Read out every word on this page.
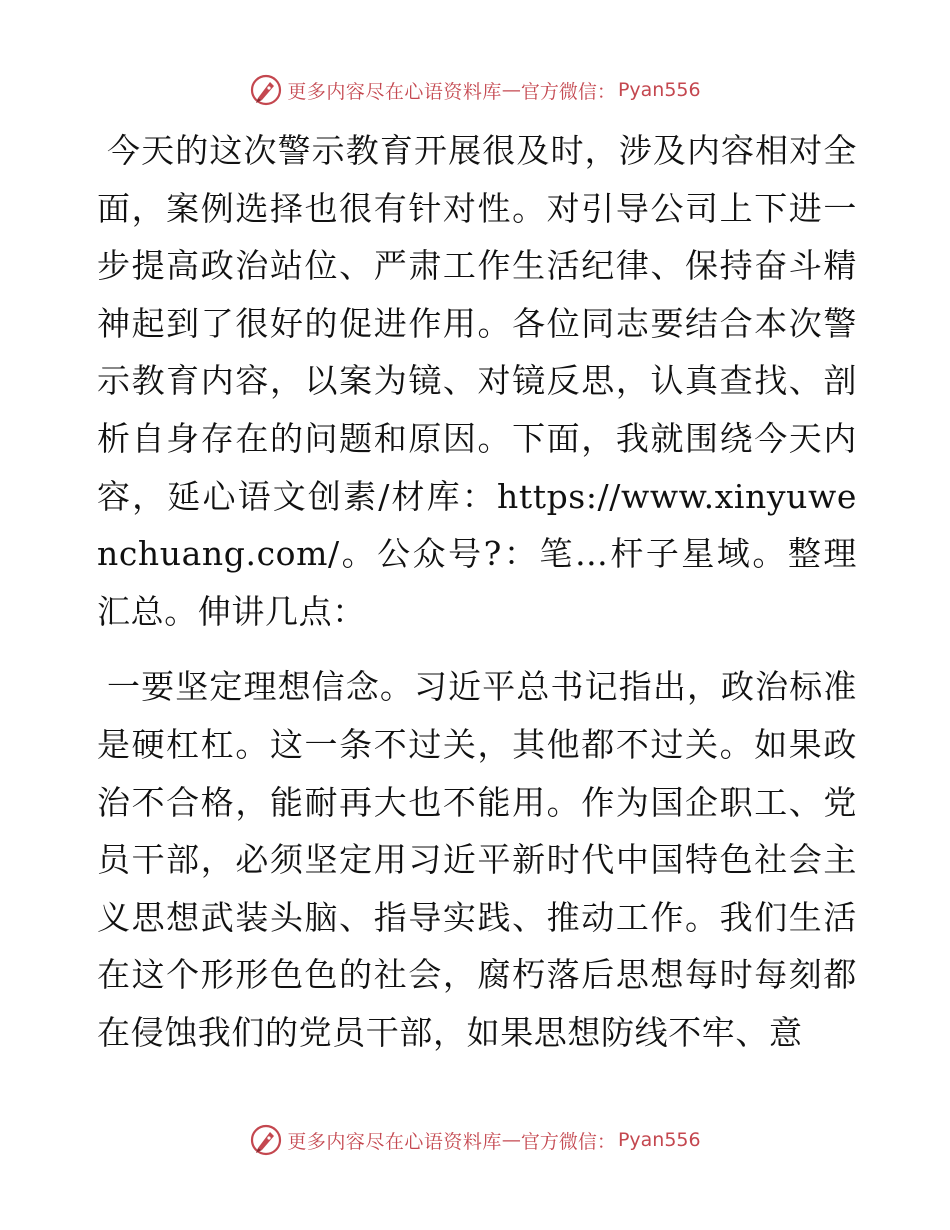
更多内容尽在心语资料库 — 官方微信： Pyan556

今天的这次警示教育开展很及时，涉及内容相对全面，案例选择也很有针对性。对引导公司上下进一步提高政治站位、严肃工作生活纪律、保持奋斗精神起到了很好的促进作用。各位同志要结合本次警示教育内容，以案为镜、对镜反思，认真查找、剖析自身存在的问题和原因。下面，我就围绕今天内容，延心语文创素/材库：https://www.xinyuwenchuang.com/。公众号?：笔…杆子星域。整理汇总。伸讲几点：

一要坚定理想信念。习近平总书记指出，政治标准是硬杠杠。这一条不过关，其他都不过关。如果政治不合格，能耐再大也不能用。作为国企职工、党员干部，必须坚定用习近平新时代中国特色社会主义思想武装头脑、指导实践、推动工作。我们生活在这个形形色色的社会，腐朽落后思想每时每刻都在侵蚀我们的党员干部，如果思想防线不牢、意

更多内容尽在心语资料库 — 官方微信： Pyan556
